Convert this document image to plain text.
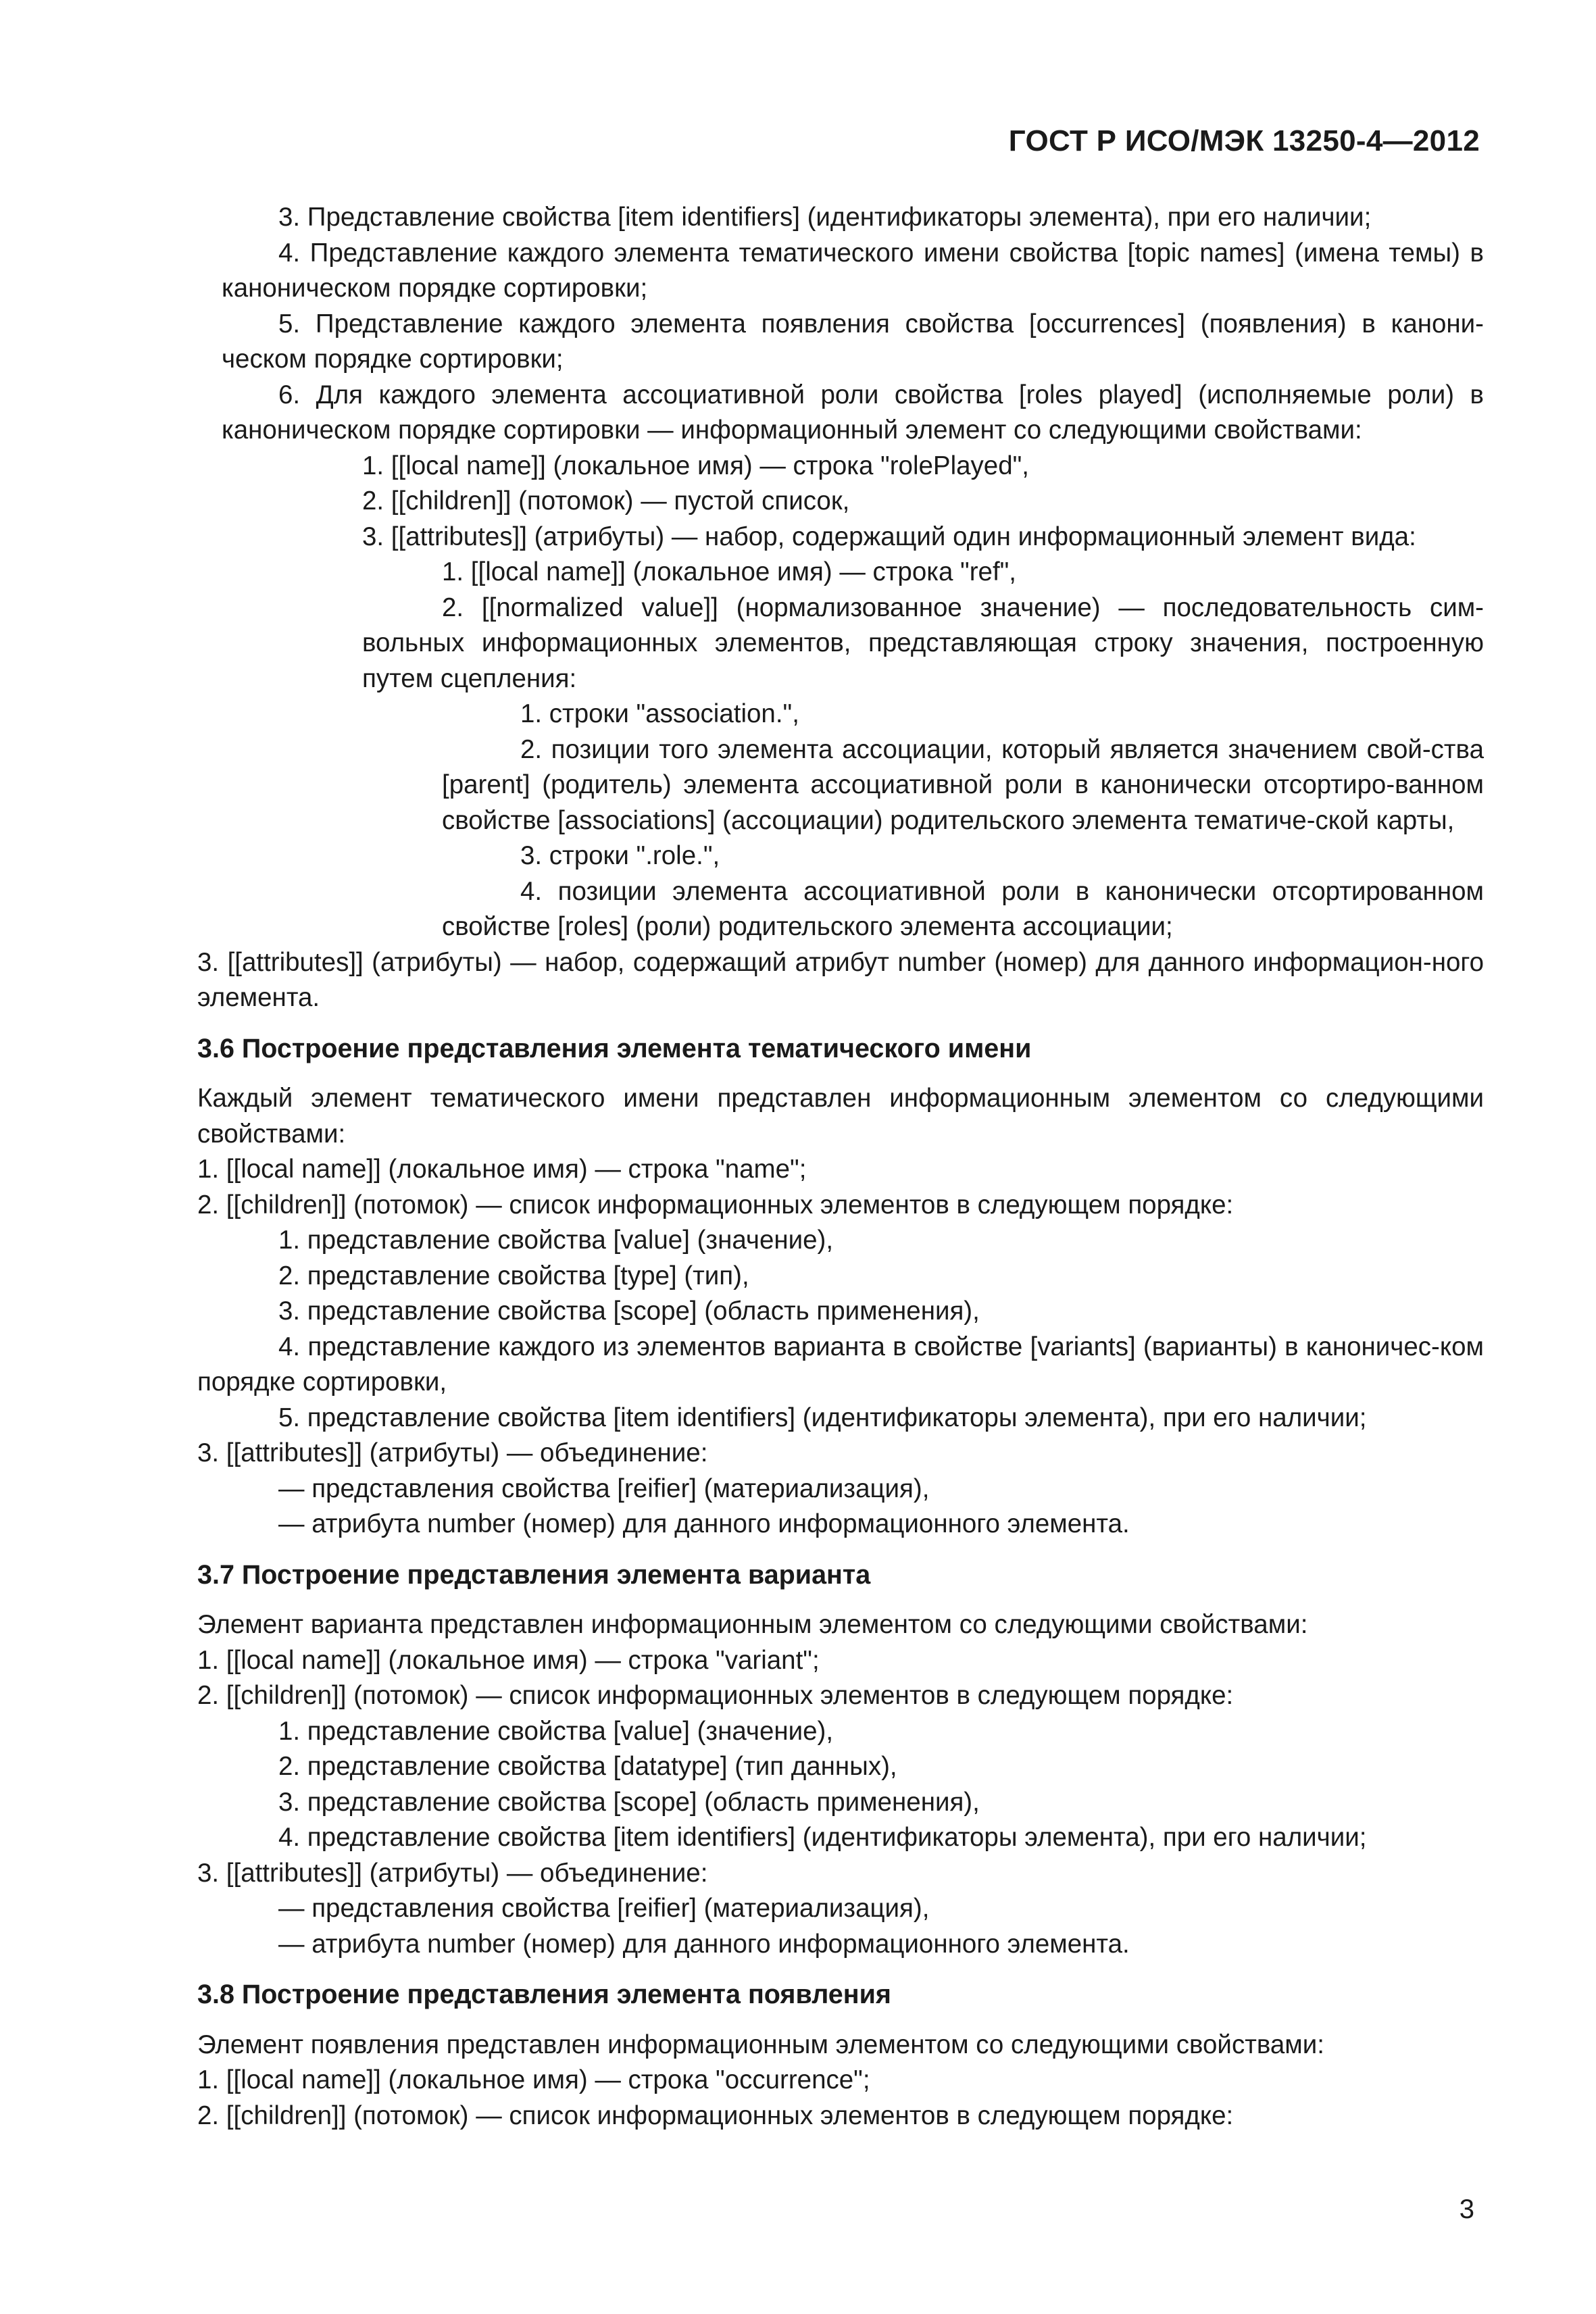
ГОСТ Р ИСО/МЭК 13250-4—2012

3. Представление свойства [item identifiers] (идентификаторы элемента), при его наличии;

4. Представление каждого элемента тематического имени свойства [topic names] (имена темы) в каноническом порядке сортировки;

5. Представление каждого элемента появления свойства [occurrences] (появления) в канони-ческом порядке сортировки;

6. Для каждого элемента ассоциативной роли свойства [roles played] (исполняемые роли) в каноническом порядке сортировки — информационный элемент со следующими свойствами:

1. [[local name]] (локальное имя) — строка "rolePlayed",

2. [[children]] (потомок) — пустой список,

3. [[attributes]] (атрибуты) — набор, содержащий один информационный элемент вида:

1. [[local name]] (локальное имя) — строка "ref",

2. [[normalized value]] (нормализованное значение) — последовательность сим-вольных информационных элементов, представляющая строку значения, построенную путем сцепления:

1. строки "association.",

2. позиции того элемента ассоциации, который является значением свой-ства [parent] (родитель) элемента ассоциативной роли в канонически отсортиро-ванном свойстве [associations] (ассоциации) родительского элемента тематиче-ской карты,

3. строки ".role.",

4. позиции элемента ассоциативной роли в канонически отсортированном свойстве [roles] (роли) родительского элемента ассоциации;

3. [[attributes]] (атрибуты) — набор, содержащий атрибут number (номер) для данного информацион-ного элемента.

3.6 Построение представления элемента тематического имени

Каждый элемент тематического имени представлен информационным элементом со следующими свойствами:

1. [[local name]] (локальное имя) — строка "name";

2. [[children]] (потомок) — список информационных элементов в следующем порядке:

1. представление свойства [value] (значение),

2. представление свойства [type] (тип),

3. представление свойства [scope] (область применения),

4. представление каждого из элементов варианта в свойстве [variants] (варианты) в каноничес-ком порядке сортировки,

5. представление свойства [item identifiers] (идентификаторы элемента), при его наличии;

3. [[attributes]] (атрибуты) — объединение:

— представления свойства [reifier] (материализация),

— атрибута number (номер) для данного информационного элемента.

3.7 Построение представления элемента варианта

Элемент варианта представлен информационным элементом со следующими свойствами:

1. [[local name]] (локальное имя) — строка "variant";

2. [[children]] (потомок) — список информационных элементов в следующем порядке:

1. представление свойства [value] (значение),

2. представление свойства [datatype] (тип данных),

3. представление свойства [scope] (область применения),

4. представление свойства [item identifiers] (идентификаторы элемента), при его наличии;

3. [[attributes]] (атрибуты) — объединение:

— представления свойства [reifier] (материализация),

— атрибута number (номер) для данного информационного элемента.

3.8 Построение представления элемента появления

Элемент появления представлен информационным элементом со следующими свойствами:

1. [[local name]] (локальное имя) — строка "occurrence";

2. [[children]] (потомок) — список информационных элементов в следующем порядке:

3
